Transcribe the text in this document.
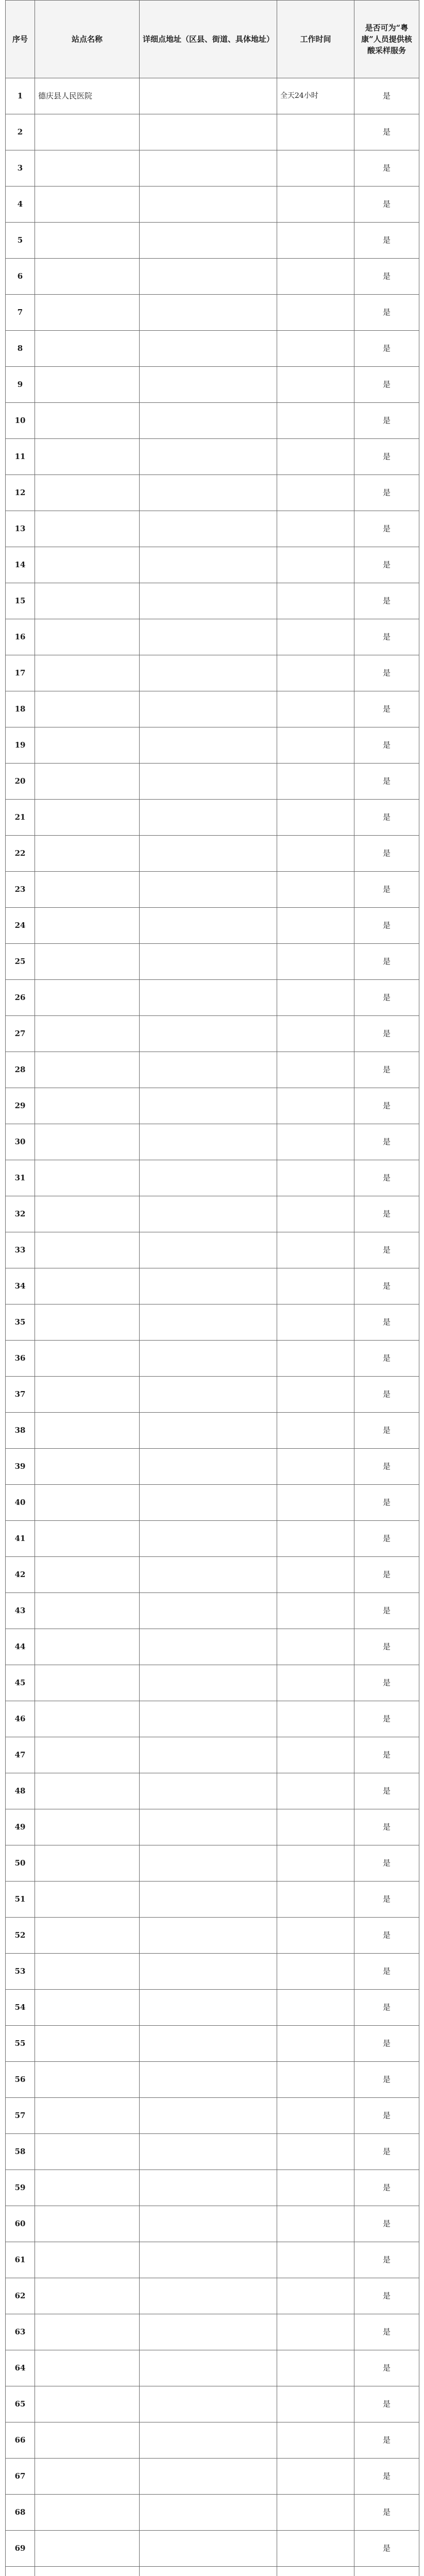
序号	站点名称	详细点地址（区县、街道、具体地址）	工作时间	是否可为“粤康”人员提供核酸采样服务
1	德庆县人民医院		全天24小时	是
2				是
3				是
4				是
5				是
6				是
7				是
8				是
9				是
10				是
11				是
12				是
13				是
14				是
15				是
16				是
17				是
18				是
19				是
20				是
21				是
22				是
23				是
24				是
25				是
26				是
27				是
28				是
29				是
30				是
31				是
32				是
33				是
34				是
35				是
36				是
37				是
38				是
39				是
40				是
41				是
42				是
43				是
44				是
45				是
46				是
47				是
48				是
49				是
50				是
51				是
52				是
53				是
54				是
55				是
56				是
57				是
58				是
59				是
60				是
61				是
62				是
63				是
64				是
65				是
66				是
67				是
68				是
69				是
